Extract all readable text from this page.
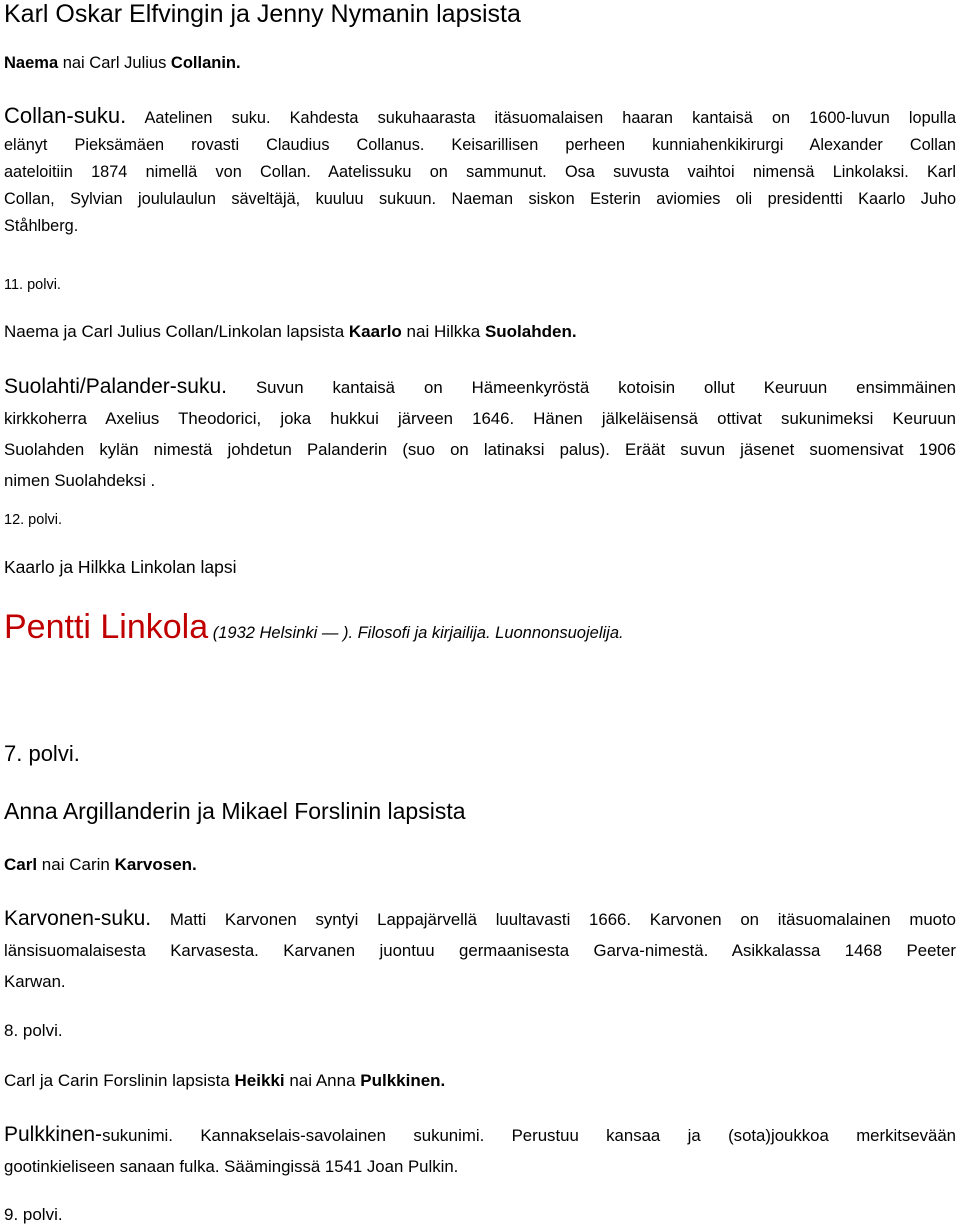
Karl Oskar Elfvingin ja Jenny Nymanin lapsista
Naema nai Carl Julius Collanin.
Collan-suku. Aatelinen suku. Kahdesta sukuhaarasta itäsuomalaisen haaran kantaisä on 1600-luvun lopulla
elänyt Pieksämäen rovasti Claudius Collanus. Keisarillisen perheen kunniahenkikirurgi Alexander Collan
aateloitiin 1874 nimellä von Collan. Aatelissuku on sammunut. Osa suvusta vaihtoi nimensä Linkolaksi. Karl
Collan, Sylvian joululaulun säveltäjä, kuuluu sukuun. Naeman siskon Esterin aviomies oli presidentti Kaarlo Juho
Ståhlberg.
11. polvi.
Naema ja Carl Julius Collan/Linkolan lapsista Kaarlo nai Hilkka Suolahden.
Suolahti/Palander-suku. Suvun kantaisä on Hämeenkyröstä kotoisin ollut Keuruun ensimmäinen
kirkkoherra Axelius Theodorici, joka hukkui järveen 1646. Hänen jälkeläisensä ottivat sukunimeksi Keuruun
Suolahden kylän nimestä johdetun Palanderin (suo on latinaksi palus). Eräät suvun jäsenet suomensivat 1906
nimen Suolahdeksi .
12. polvi.
Kaarlo ja Hilkka Linkolan lapsi
Pentti Linkola (1932 Helsinki — ). Filosofi ja kirjailija. Luonnonsuojelija.
7. polvi.
Anna Argillanderin ja Mikael Forslinin lapsista
Carl nai Carin Karvosen.
Karvonen-suku. Matti Karvonen syntyi Lappajärvellä luultavasti 1666. Karvonen on itäsuomalainen muoto
länsisuomalaisesta Karvasesta. Karvanen juontuu germaanisesta Garva-nimestä. Asikkalassa 1468 Peeter
Karwan.
8. polvi.
Carl ja Carin Forslinin lapsista Heikki nai Anna Pulkkinen.
Pulkkinen-sukunimi. Kannakselais-savolainen sukunimi. Perustuu kansaa ja (sota)joukkoa merkitsevään
gootinkieliseen sanaan fulka. Säämingissä 1541 Joan Pulkin.
9. polvi.
